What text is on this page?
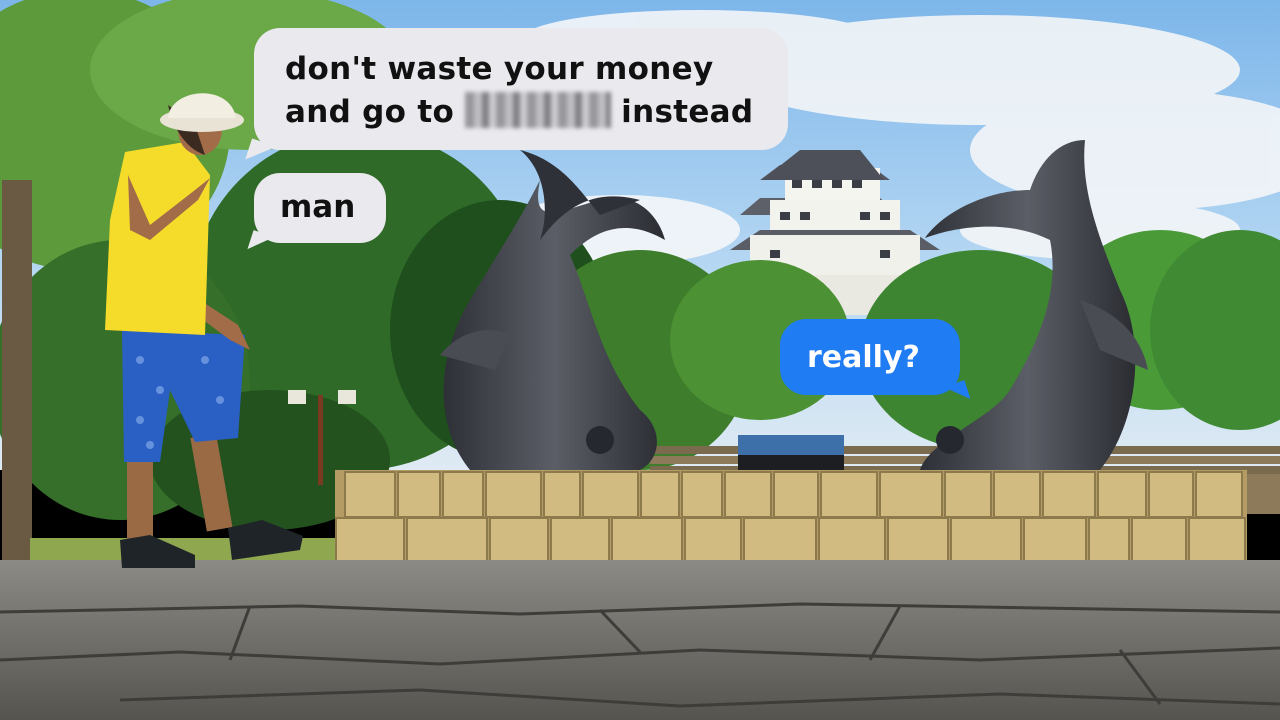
don't waste your money
and go to	instead
man
really?
